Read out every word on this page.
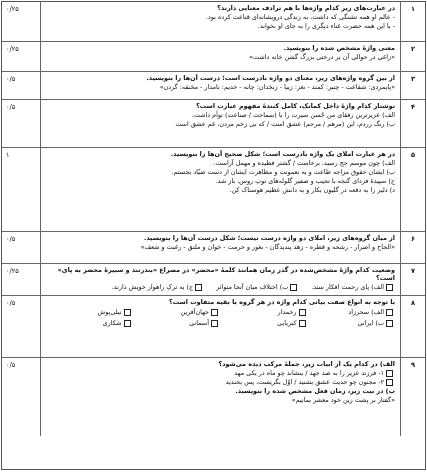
۱
در عبارت‌های زیر کدام واژه‌ها با هم ترادف معنایی دارند؟
- عالم او همه تشنگی که داشت، به زندگی درویشانه‌ای قناعت کرده بود.
- با این همه حضرت غناء دیگری را به جای او نخواند.
۰/۲۵
۲
معنی واژهٔ مشخص شده را بنویسید.
«زاغی در حوالی آن بر درختی بزرگ گشن خانه داشت»
۰/۲۵
۳
از بین گروه واژه‌های زیر، معنای دو واژه نادرست است؛ درست آن‌ها را بنویسید.
«پایمردی: شفاعت - چنبر: کمند - نغز: زیبا - زنخدان: چانه - خدیم: نامدار - مخنقه: گردن»
۰/۵
۴
نوشتار کدام واژهٔ داخل کمانک، کامل کنندهٔ مفهوم عبارت است؟
الف) عزیزترین رفقای من حُسن سیرت را با (سماحت / صناعت) توأم داشت.
ب) رنگ زردم، این (مرهم / مرحم) عشق است / که بی زخم مردن، غم عشق است
۰/۵
۵
در هر عبارت املای یک واژه نادرست است؛ شکل صحیح آن‌ها را بنویسید.
الف) چون موسم حج رسید، برخاست / گشتر فطیده و مهمل آراست.
ب) ایشان حقوق مزاجه طاعت و به نعمونت و مظاهرت ایشان از دست صیّاد بجستم.
ج) سپیدهٔ فردای گنجه با تحیب و صفیر گلوله‌های توپ روس، باز شد.
د) دلیر را به دفعه در گلیون بکار و به دانش عظیم هوسناک کن.
۱
۶
از میان گروه‌های زیر، املای دو واژه درست نیست؛ شکل درست آن‌ها را بنویسید.
«الحاح و اصرار - رشحه و قطره - زهد پندیدگان - بغور و حرمت - خوان و ملتق - رغبت و شعف»
۰/۵
۷
وضعیت کدام واژهٔ مشخص‌شده در گذر زمان همانند کلمهٔ «محضر» در مصراع «بندر‌نند و سبیرهٔ محضر به پای» است؟
الف) پای رحمت افکار ستد.
ب) اختلاف میان آنجا متوائر
ج) به ترکِ راهوار خویش دارند.
۰/۲۵
۸
با توجه به انواع صفت بیانی کدام واژه در هر گروه با بقیه متفاوت است؟
الف) سحرزاد
رخمدار
جهان‌آفرین
نیلی‌پوش
ب) ایرانی
کبریایی
آسمانی
شکاری
۰/۵
۹
الف) در کدام یک از ابیات زیر، جملهٔ مرکب دیده می‌شود؟
۱- فرزند عزیز را به صد جهد / بنشاند چو ماه در یکی مهد
۲- مجنون چو حدیث عشق بشنید / اوّل بگریست، پس بخندید
ب) در بیت زیر، زمان فعل مشخص شده را بنویسید.
«گفتار بر پشت زین خود معشر بمانیم»
۰/۵
